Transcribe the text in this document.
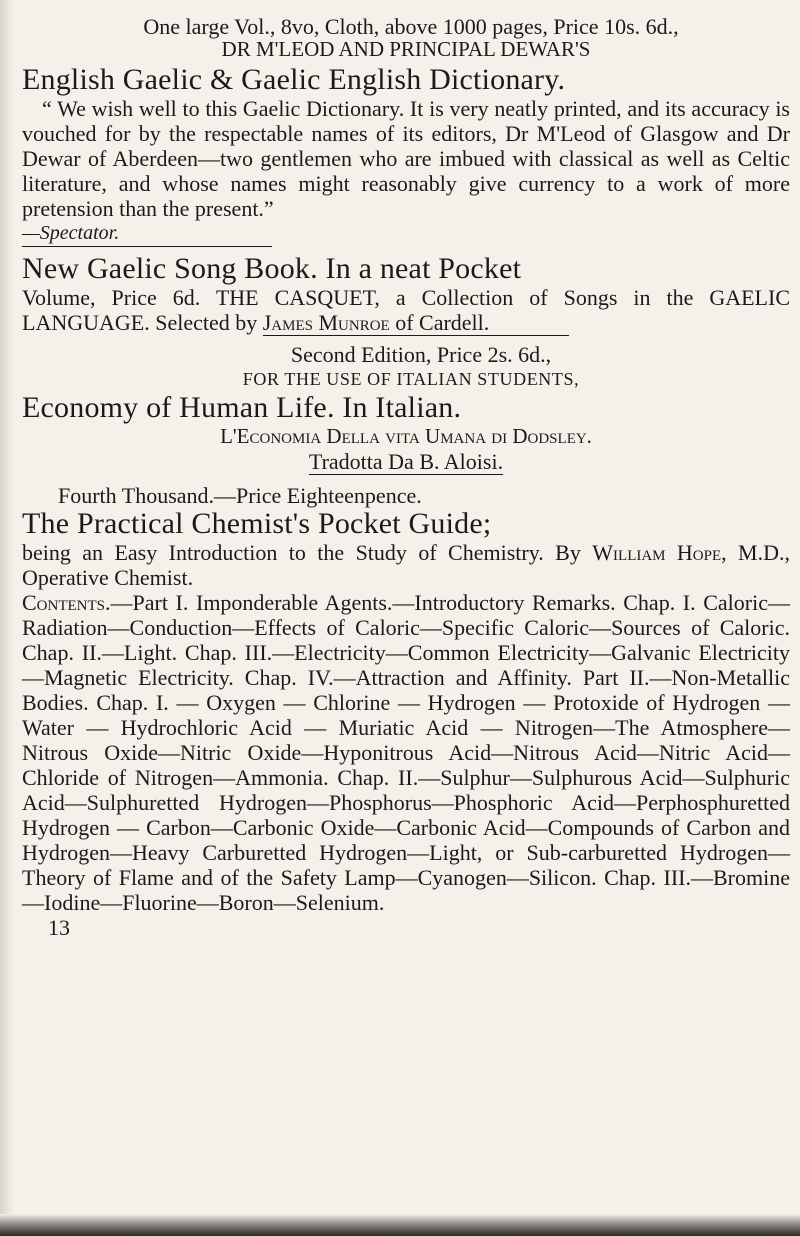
One large Vol., 8vo, Cloth, above 1000 pages, Price 10s. 6d.,

DR M'LEOD AND PRINCIPAL DEWAR'S

English Gaelic & Gaelic English Dictionary.

“ We wish well to this Gaelic Dictionary. It is very neatly printed, and its accuracy is vouched for by the respectable names of its editors, Dr M'Leod of Glasgow and Dr Dewar of Aberdeen—two gentlemen who are imbued with classical as well as Celtic literature, and whose names might reasonably give currency to a work of more pretension than the present.”

—Spectator.

New Gaelic Song Book. In a neat Pocket

Volume, Price 6d. THE CASQUET, a Collection of Songs in the GAELIC LANGUAGE. Selected by James Munroe of Cardell.

Second Edition, Price 2s. 6d.,

FOR THE USE OF ITALIAN STUDENTS,

Economy of Human Life. In Italian.

L'Economia Della vita Umana di Dodsley.

Tradotta Da B. Aloisi.

Fourth Thousand.—Price Eighteenpence.

The Practical Chemist's Pocket Guide;

being an Easy Introduction to the Study of Chemistry. By William Hope, M.D., Operative Chemist.

Contents.—Part I. Imponderable Agents.—Introductory Remarks. Chap. I. Caloric—Radiation—Conduction—Effects of Caloric—Specific Caloric—Sources of Caloric. Chap. II.—Light. Chap. III.—Electricity—Common Electricity—Galvanic Electricity—Magnetic Electricity. Chap. IV.—Attraction and Affinity. Part II.—Non-Metallic Bodies. Chap. I. — Oxygen — Chlorine — Hydrogen — Protoxide of Hydrogen — Water — Hydrochloric Acid — Muriatic Acid — Nitrogen—The Atmosphere—Nitrous Oxide—Nitric Oxide—Hyponitrous Acid—Nitrous Acid—Nitric Acid—Chloride of Nitrogen—Ammonia. Chap. II.—Sulphur—Sulphurous Acid—Sulphuric Acid—Sulphuretted Hydrogen—Phosphorus—Phosphoric Acid—Perphosphuretted Hydrogen — Carbon—Carbonic Oxide—Carbonic Acid—Compounds of Carbon and Hydrogen—Heavy Carburetted Hydrogen—Light, or Sub-carburetted Hydrogen—Theory of Flame and of the Safety Lamp—Cyanogen—Silicon. Chap. III.—Bromine—Iodine—Fluorine—Boron—Selenium.

13
